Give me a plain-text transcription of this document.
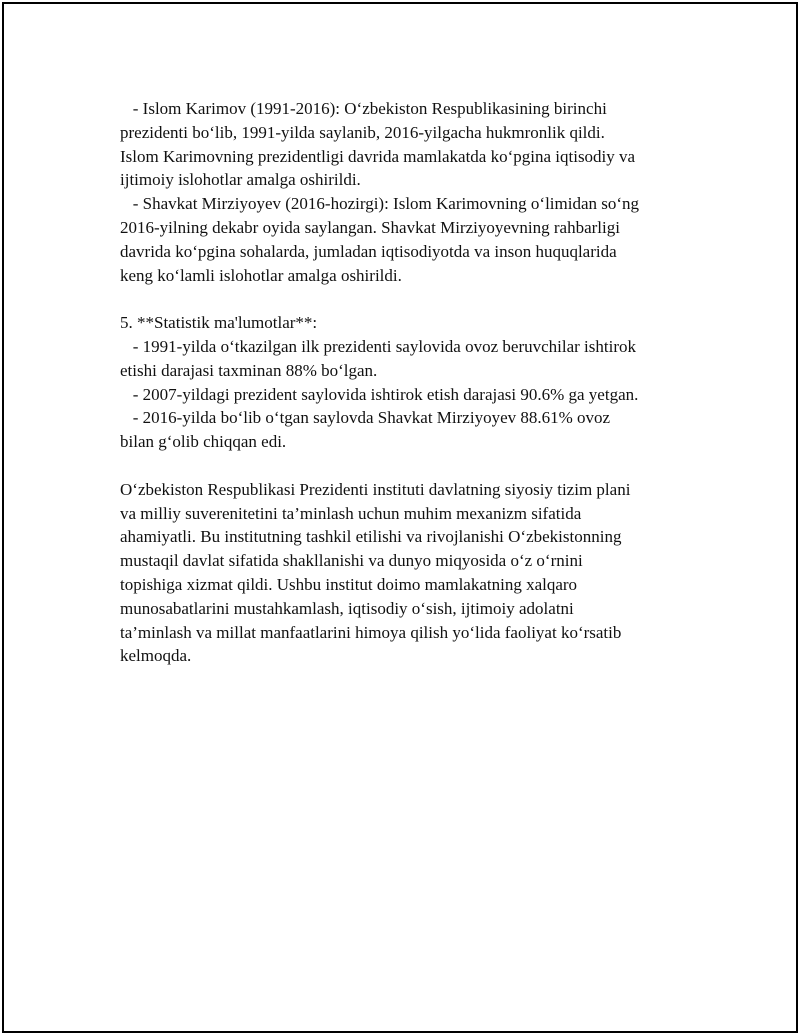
- Islom Karimov (1991-2016): O‘zbekiston Respublikasining birinchi
prezidenti bo‘lib, 1991-yilda saylanib, 2016-yilgacha hukmronlik qildi.
Islom Karimovning prezidentligi davrida mamlakatda ko‘pgina iqtisodiy va
ijtimoiy islohotlar amalga oshirildi.
- Shavkat Mirziyoyev (2016-hozirgi): Islom Karimovning o‘limidan so‘ng
2016-yilning dekabr oyida saylangan. Shavkat Mirziyoyevning rahbarligi
davrida ko‘pgina sohalarda, jumladan iqtisodiyotda va inson huquqlarida
keng ko‘lamli islohotlar amalga oshirildi.
5. **Statistik ma'lumotlar**:
- 1991-yilda o‘tkazilgan ilk prezidenti saylovida ovoz beruvchilar ishtirok
etishi darajasi taxminan 88% bo‘lgan.
- 2007-yildagi prezident saylovida ishtirok etish darajasi 90.6% ga yetgan.
- 2016-yilda bo‘lib o‘tgan saylovda Shavkat Mirziyoyev 88.61% ovoz
bilan g‘olib chiqqan edi.
O‘zbekiston Respublikasi Prezidenti instituti davlatning siyosiy tizim plani
va milliy suverenitetini ta’minlash uchun muhim mexanizm sifatida
ahamiyatli. Bu institutning tashkil etilishi va rivojlanishi O‘zbekistonning
mustaqil davlat sifatida shakllanishi va dunyo miqyosida o‘z o‘rnini
topishiga xizmat qildi. Ushbu institut doimo mamlakatning xalqaro
munosabatlarini mustahkamlash, iqtisodiy o‘sish, ijtimoiy adolatni
ta’minlash va millat manfaatlarini himoya qilish yo‘lida faoliyat ko‘rsatib
kelmoqda.
